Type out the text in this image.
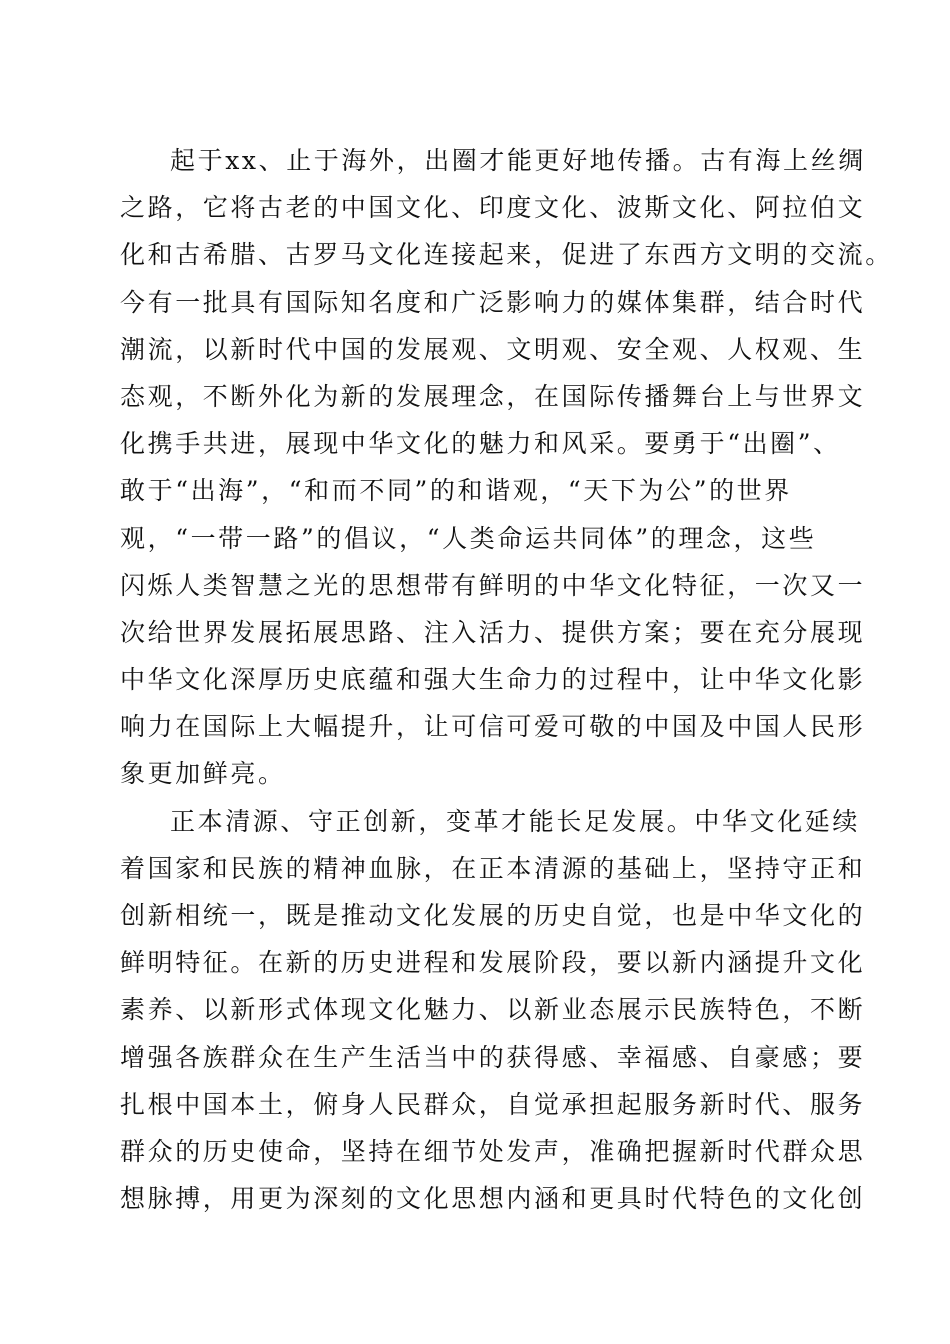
起于xx、止于海外，出圈才能更好地传播。古有海上丝绸
之路，它将古老的中国文化、印度文化、波斯文化、阿拉伯文
化和古希腊、古罗马文化连接起来，促进了东西方文明的交流。
今有一批具有国际知名度和广泛影响力的媒体集群，结合时代
潮流，以新时代中国的发展观、文明观、安全观、人权观、生
态观，不断外化为新的发展理念，在国际传播舞台上与世界文
化携手共进，展现中华文化的魅力和风采。要勇于“出圈”、
敢于“出海”，“和而不同”的和谐观，“天下为公”的世界
观，“一带一路”的倡议，“人类命运共同体”的理念，这些
闪烁人类智慧之光的思想带有鲜明的中华文化特征，一次又一
次给世界发展拓展思路、注入活力、提供方案；要在充分展现
中华文化深厚历史底蕴和强大生命力的过程中，让中华文化影
响力在国际上大幅提升，让可信可爱可敬的中国及中国人民形
象更加鲜亮。
正本清源、守正创新，变革才能长足发展。中华文化延续
着国家和民族的精神血脉，在正本清源的基础上，坚持守正和
创新相统一，既是推动文化发展的历史自觉，也是中华文化的
鲜明特征。在新的历史进程和发展阶段，要以新内涵提升文化
素养、以新形式体现文化魅力、以新业态展示民族特色，不断
增强各族群众在生产生活当中的获得感、幸福感、自豪感；要
扎根中国本土，俯身人民群众，自觉承担起服务新时代、服务
群众的历史使命，坚持在细节处发声，准确把握新时代群众思
想脉搏，用更为深刻的文化思想内涵和更具时代特色的文化创
